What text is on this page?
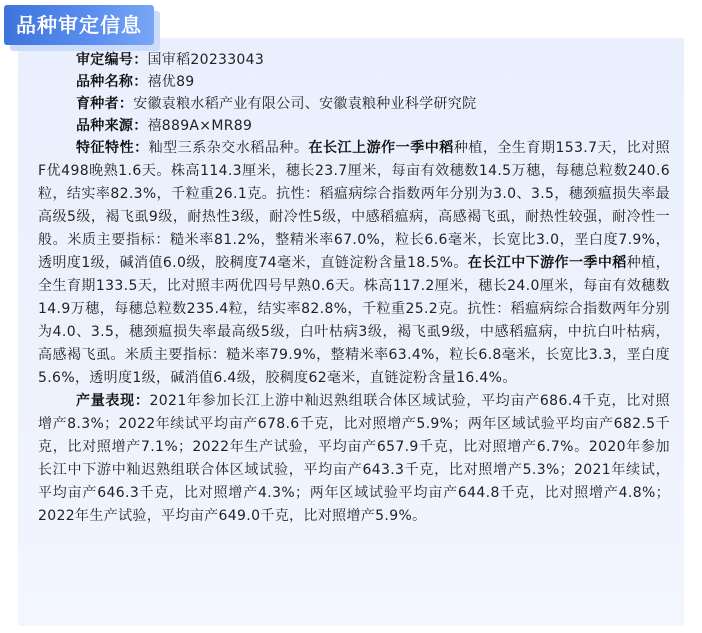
品种审定信息
审定编号：国审稻20233043
品种名称：禧优89
育种者：安徽袁粮水稻产业有限公司、安徽袁粮种业科学研究院
品种来源：禧889A×MR89

特征特性：籼型三系杂交水稻品种。在长江上游作一季中稻种植，全生育期153.7天，比对照F优498晚熟1.6天。株高114.3厘米，穗长23.7厘米，每亩有效穗数14.5万穗，每穗总粒数240.6粒，结实率82.3%，千粒重26.1克。抗性：稻瘟病综合指数两年分别为3.0、3.5，穗颈瘟损失率最高级5级，褐飞虱9级，耐热性3级，耐冷性5级，中感稻瘟病，高感褐飞虱，耐热性较强，耐冷性一般。米质主要指标：糙米率81.2%，整精米率67.0%，粒长6.6毫米，长宽比3.0，垩白度7.9%，透明度1级，碱消值6.0级，胶稠度74毫米，直链淀粉含量18.5%。在长江中下游作一季中稻种植，全生育期133.5天，比对照丰两优四号早熟0.6天。株高117.2厘米，穗长24.0厘米，每亩有效穗数14.9万穗，每穗总粒数235.4粒，结实率82.8%，千粒重25.2克。抗性：稻瘟病综合指数两年分别为4.0、3.5，穗颈瘟损失率最高级5级，白叶枯病3级，褐飞虱9级，中感稻瘟病，中抗白叶枯病，高感褐飞虱。米质主要指标：糙米率79.9%，整精米率63.4%，粒长6.8毫米，长宽比3.3，垩白度5.6%，透明度1级，碱消值6.4级，胶稠度62毫米，直链淀粉含量16.4%。

产量表现：2021年参加长江上游中籼迟熟组联合体区域试验，平均亩产686.4千克，比对照增产8.3%；2022年续试平均亩产678.6千克，比对照增产5.9%；两年区域试验平均亩产682.5千克，比对照增产7.1%；2022年生产试验，平均亩产657.9千克，比对照增产6.7%。2020年参加长江中下游中籼迟熟组联合体区域试验，平均亩产643.3千克，比对照增产5.3%；2021年续试，平均亩产646.3千克，比对照增产4.3%；两年区域试验平均亩产644.8千克，比对照增产4.8%；2022年生产试验，平均亩产649.0千克，比对照增产5.9%。
